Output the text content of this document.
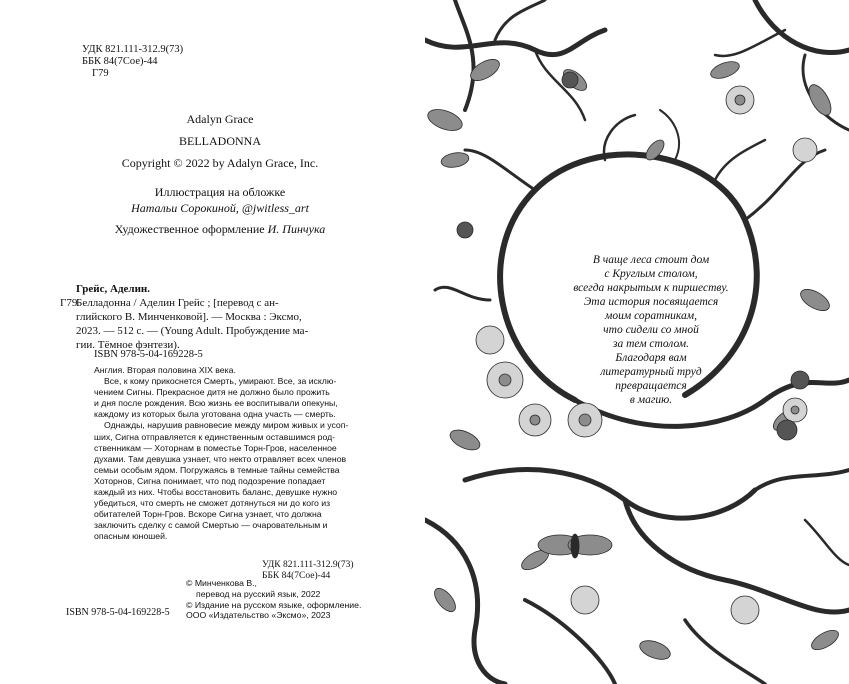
УДК 821.111-312.9(73)
ББК 84(7Сое)-44
Г79
Adalyn Grace
BELLADONNA
Copyright © 2022 by Adalyn Grace, Inc.
Иллюстрация на обложке
Натальи Сорокиной, @jwitless_art
Художественное оформление И. Пинчука
Грейс, Аделин.
Г79
Белладонна / Аделин Грейс ; [перевод с ан-
глийского В. Минченковой]. — Москва : Эксмо,
2023. — 512 с. — (Young Adult. Пробуждение ма-
гии. Тёмное фэнтези).
ISBN 978-5-04-169228-5

Англия. Вторая половина XIX века.

Все, к кому прикоснется Смерть, умирают. Все, за исклю-

чением Сигны. Прекрасное дитя не должно было прожить

и дня после рождения. Всю жизнь ее воспитывали опекуны,

каждому из которых была уготована одна участь — смерть.

Однажды, нарушив равновесие между миром живых и усоп-

ших, Сигна отправляется к единственным оставшимся род-

ственникам — Хоторнам в поместье Торн-Гров, населенное

духами. Там девушка узнает, что некто отравляет всех членов

семьи особым ядом. Погружаясь в темные тайны семейства

Хоторнов, Сигна понимает, что под подозрение попадает

каждый из них. Чтобы восстановить баланс, девушке нужно

убедиться, что смерть не сможет дотянуться ни до кого из

обитателей Торн-Гров. Вскоре Сигна узнает, что должна

заключить сделку с самой Смертью — очаровательным и

опасным юношей.

УДК 821.111-312.9(73)
ББК 84(7Сое)-44
© Минченкова В.,
перевод на русский язык, 2022
© Издание на русском языке, оформление.
ООО «Издательство «Эксмо», 2023
ISBN 978-5-04-169228-5
В чаще леса стоит дом
с Круглым столом,
всегда накрытым к пиршеству.
Эта история посвящается
моим соратникам,
что сидели со мной
за тем столом.
Благодаря вам
литературный труд
превращается
в магию.
